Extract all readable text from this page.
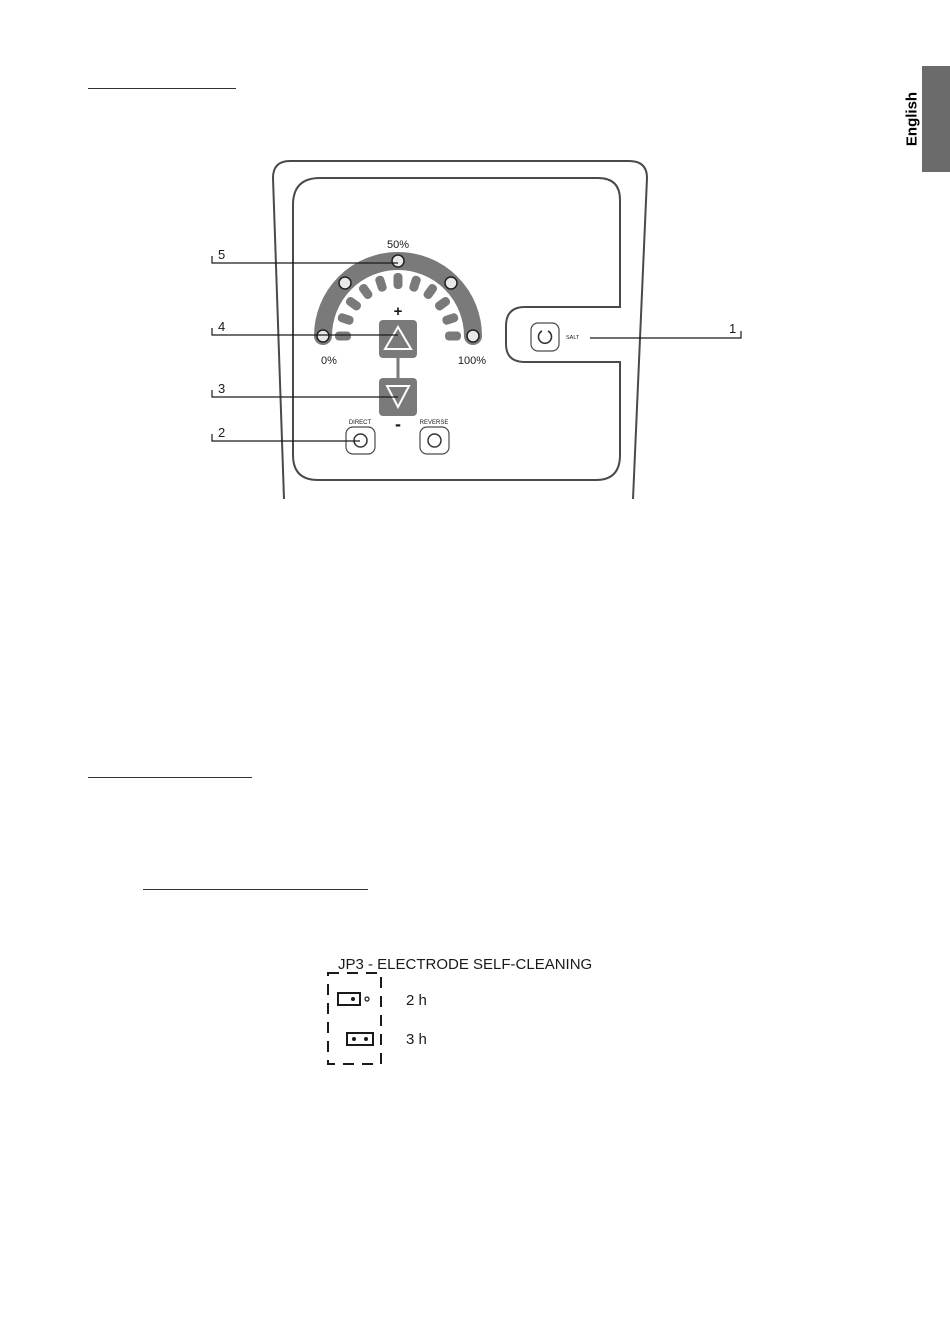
English
50%
0%	100%
+
-
DIRECT	REVERSE
SALT
5
4
3
2
1
JP3 - ELECTRODE SELF-CLEANING
2 h
3 h
